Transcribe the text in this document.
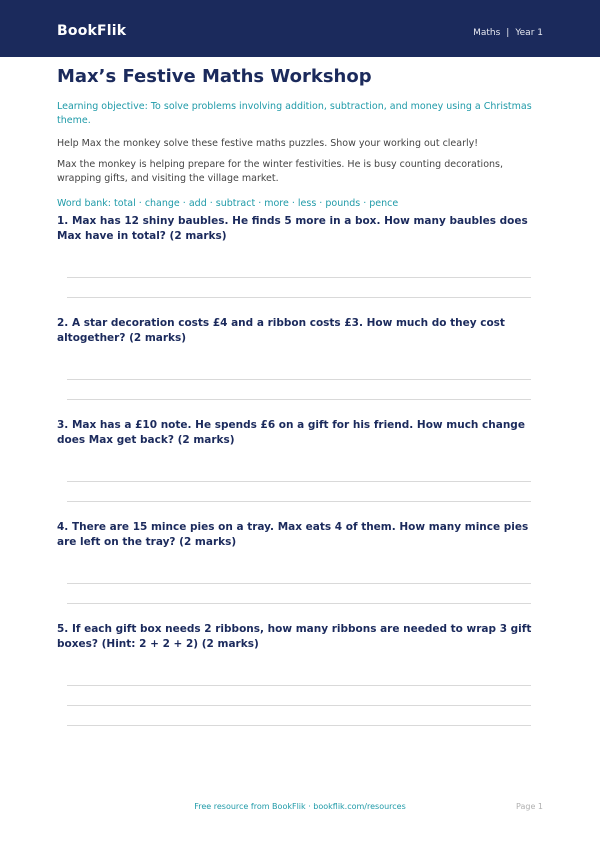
BookFlik	Maths | Year 1
Max’s Festive Maths Workshop
Learning objective: To solve problems involving addition, subtraction, and money using a Christmas theme.
Help Max the monkey solve these festive maths puzzles. Show your working out clearly!
Max the monkey is helping prepare for the winter festivities. He is busy counting decorations, wrapping gifts, and visiting the village market.
Word bank: total · change · add · subtract · more · less · pounds · pence
1. Max has 12 shiny baubles. He finds 5 more in a box. How many baubles does Max have in total? (2 marks)
2. A star decoration costs £4 and a ribbon costs £3. How much do they cost altogether? (2 marks)
3. Max has a £10 note. He spends £6 on a gift for his friend. How much change does Max get back? (2 marks)
4. There are 15 mince pies on a tray. Max eats 4 of them. How many mince pies are left on the tray? (2 marks)
5. If each gift box needs 2 ribbons, how many ribbons are needed to wrap 3 gift boxes? (Hint: 2 + 2 + 2) (2 marks)
Free resource from BookFlik · bookflik.com/resources	Page 1
